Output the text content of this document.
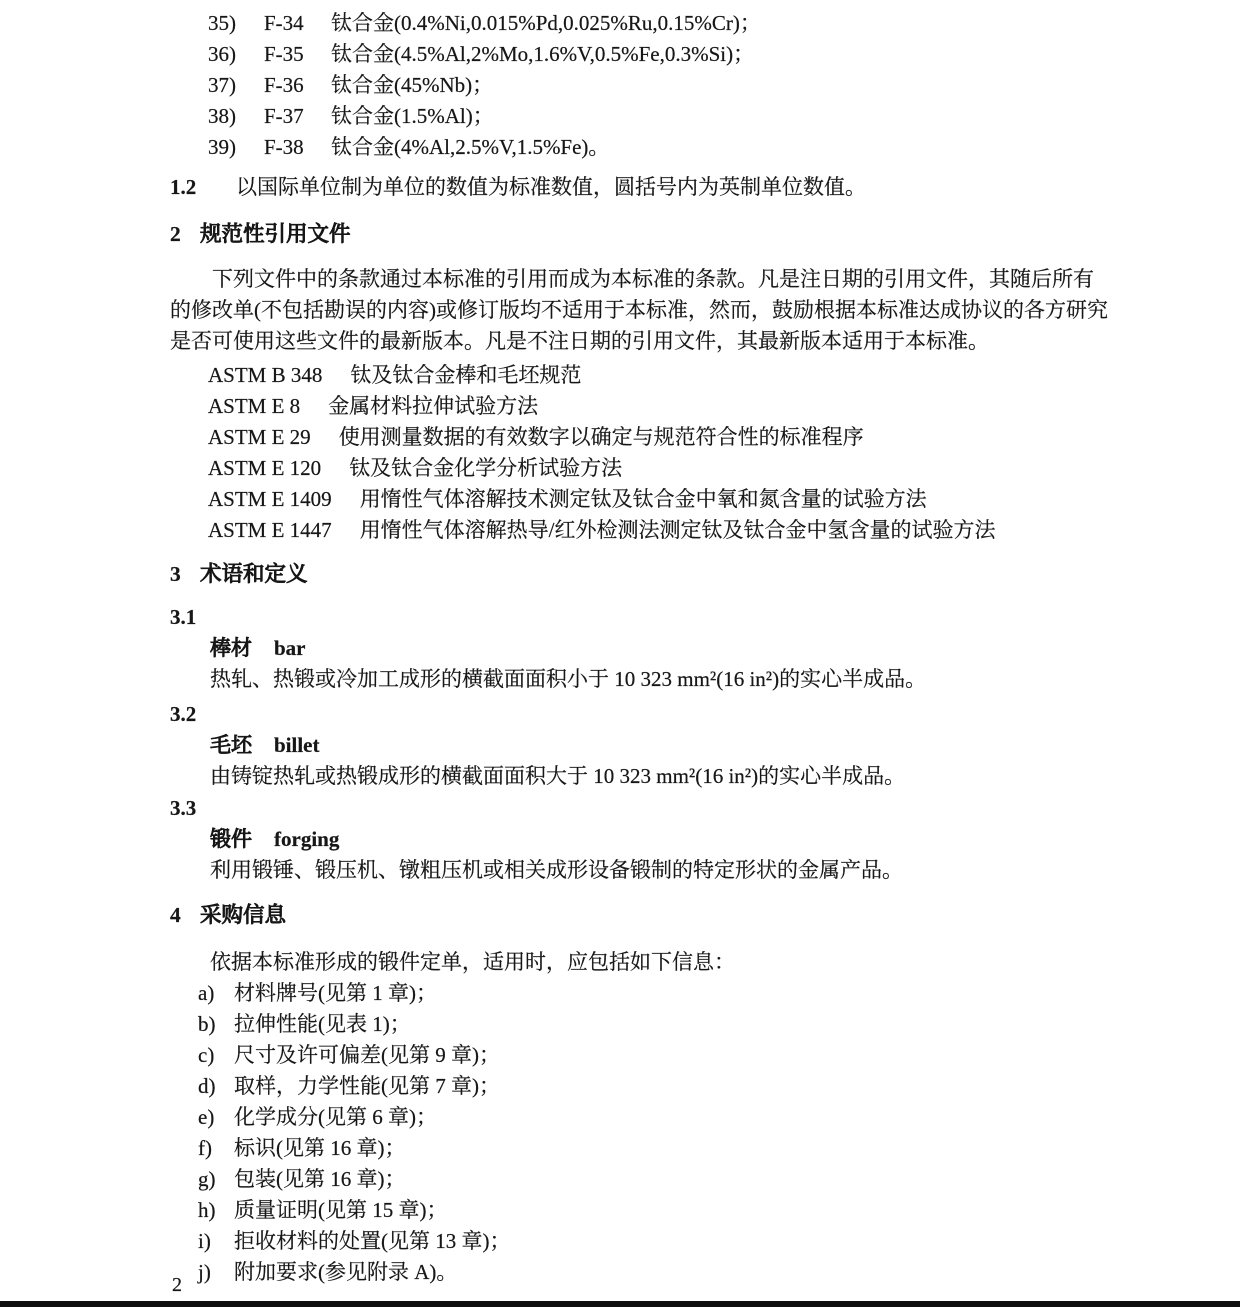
35) F-34 钛合金(0.4%Ni,0.015%Pd,0.025%Ru,0.15%Cr)；
36) F-35 钛合金(4.5%Al,2%Mo,1.6%V,0.5%Fe,0.3%Si)；
37) F-36 钛合金(45%Nb)；
38) F-37 钛合金(1.5%Al)；
39) F-38 钛合金(4%Al,2.5%V,1.5%Fe)。
1.2 以国际单位制为单位的数值为标准数值，圆括号内为英制单位数值。
2 规范性引用文件
下列文件中的条款通过本标准的引用而成为本标准的条款。凡是注日期的引用文件，其随后所有
的修改单(不包括勘误的内容)或修订版均不适用于本标准，然而，鼓励根据本标准达成协议的各方研究
是否可使用这些文件的最新版本。凡是不注日期的引用文件，其最新版本适用于本标准。
ASTM B 348 钛及钛合金棒和毛坯规范
ASTM E 8 金属材料拉伸试验方法
ASTM E 29 使用测量数据的有效数字以确定与规范符合性的标准程序
ASTM E 120 钛及钛合金化学分析试验方法
ASTM E 1409 用惰性气体溶解技术测定钛及钛合金中氧和氮含量的试验方法
ASTM E 1447 用惰性气体溶解热导/红外检测法测定钛及钛合金中氢含量的试验方法
3 术语和定义
3.1
棒材 bar
热轧、热锻或冷加工成形的横截面面积小于 10 323 mm²(16 in²)的实心半成品。
3.2
毛坯 billet
由铸锭热轧或热锻成形的横截面面积大于 10 323 mm²(16 in²)的实心半成品。
3.3
锻件 forging
利用锻锤、锻压机、镦粗压机或相关成形设备锻制的特定形状的金属产品。
4 采购信息
依据本标准形成的锻件定单，适用时，应包括如下信息：
a) 材料牌号(见第 1 章)；
b) 拉伸性能(见表 1)；
c) 尺寸及许可偏差(见第 9 章)；
d) 取样，力学性能(见第 7 章)；
e) 化学成分(见第 6 章)；
f) 标识(见第 16 章)；
g) 包装(见第 16 章)；
h) 质量证明(见第 15 章)；
i) 拒收材料的处置(见第 13 章)；
j) 附加要求(参见附录 A)。
2
